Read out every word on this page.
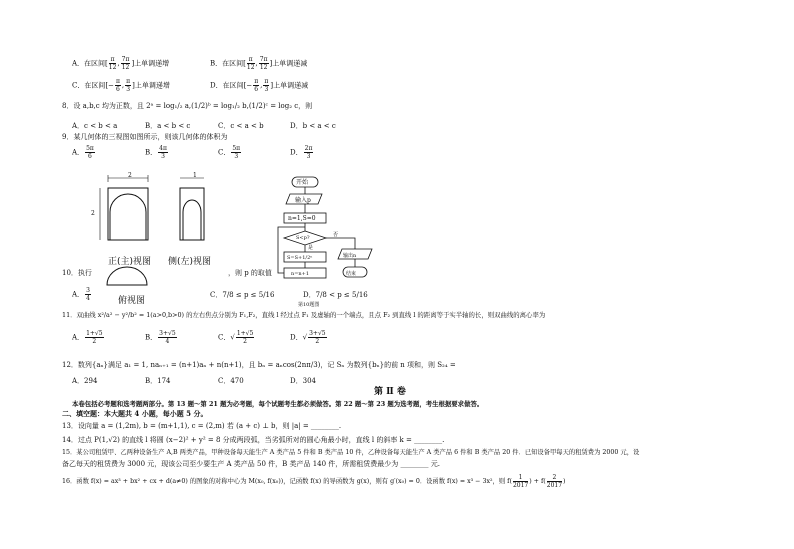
A．在区间[ $\frac{\pi}{12}$ , $\frac{7\pi}{12}$ ]上单调递增	B．在区间[ $\frac{\pi}{12}$ , $\frac{7\pi}{12}$ ]上单调递减
C．在区间[− $\frac{\pi}{6}$ , $\frac{\pi}{3}$ ]上单调递增	D．在区间[− $\frac{\pi}{6}$ , $\frac{\pi}{3}$ ]上单调递减
8．设 a,b,c 均为正数，且 2ᵃ = log₁/₂ a,(1/2)ᵇ = log₁/₂ b,(1/2)ᶜ = log₂ c，则
A．c < b < a	B．a < b < c	C．c < a < b	D．b < a < c
9．某几何体的三视图如图所示，则该几何体的体积为
A． $\frac{5\pi}{6}$	B． $\frac{4\pi}{3}$	C． $\frac{5\pi}{3}$	D． $\frac{2\pi}{3}$
2	1
2
正(主)视图 侧(左)视图
俯视图
开始
输入p
n=1,S=0
S<p?	否
是
S=S+1/2ⁿ
n=n+1
输出n
结束
第10题图
10．执行	，则 p 的取值
A． $\frac{3}{4}$	C．7/8 ≤ p ≤ 5/16	D．7/8 < p ≤ 5/16
11．双曲线 x²/a² − y²/b² = 1(a>0,b>0) 的左右焦点分别为 F₁,F₂，直线 l 经过点 F₁ 及虚轴的一个端点，且点 F₂ 到直线 l 的距离等于实半轴的长，则双曲线的离心率为
A． $\frac{1+√5}{2}$	B． $\frac{3+√5}{4}$	C．√ $\frac{1+√5}{2}$	D．√ $\frac{3+√5}{2}$
12．数列{aₙ}满足 a₁ = 1, naₙ₊₁ = (n+1)aₙ + n(n+1)，且 bₙ = aₙcos(2nπ/3)，记 Sₙ 为数列{bₙ}的前 n 项和，则 S₂₄ =
A．294	B．174	C．470	D．304
第 Ⅱ 卷
本卷包括必考题和选考题两部分。第 13 题～第 21 题为必考题，每个试题考生都必须做答。第 22 题～第 23 题为选考题，考生根据要求做答。
二、填空题：本大题共 4 小题，每小题 5 分。
13．设向量 a = (1,2m), b = (m+1,1), c = (2,m) 若 (a + c) ⊥ b，则 |a| = ________.
14．过点 P(1,√2) 的直线 l 将圆 (x−2)² + y² = 8 分成两段弧，当劣弧所对的圆心角最小时，直线 l 的斜率 k = ________.
15．某公司租赁甲、乙两种设备生产 A,B 两类产品，甲种设备每天能生产 A 类产品 5 件和 B 类产品 10 件，乙种设备每天能生产 A 类产品 6 件和 B 类产品 20 件．已知设备甲每天的租赁费为 2000 元，设
备乙每天的租赁费为 3000 元，现该公司至少要生产 A 类产品 50 件，B 类产品 140 件，所需租赁费最少为 ________ 元.
16．函数 f(x) = ax³ + bx² + cx + d(a≠0) 的图象的对称中心为 M(x₀, f(x₀))，记函数 f(x) 的导函数为 g(x)，则有 g′(x₀) = 0．设函数 f(x) = x³ − 3x²，则 $f( \frac{1}{2017}$ ) + $f( \frac{2}{2017}$ )
